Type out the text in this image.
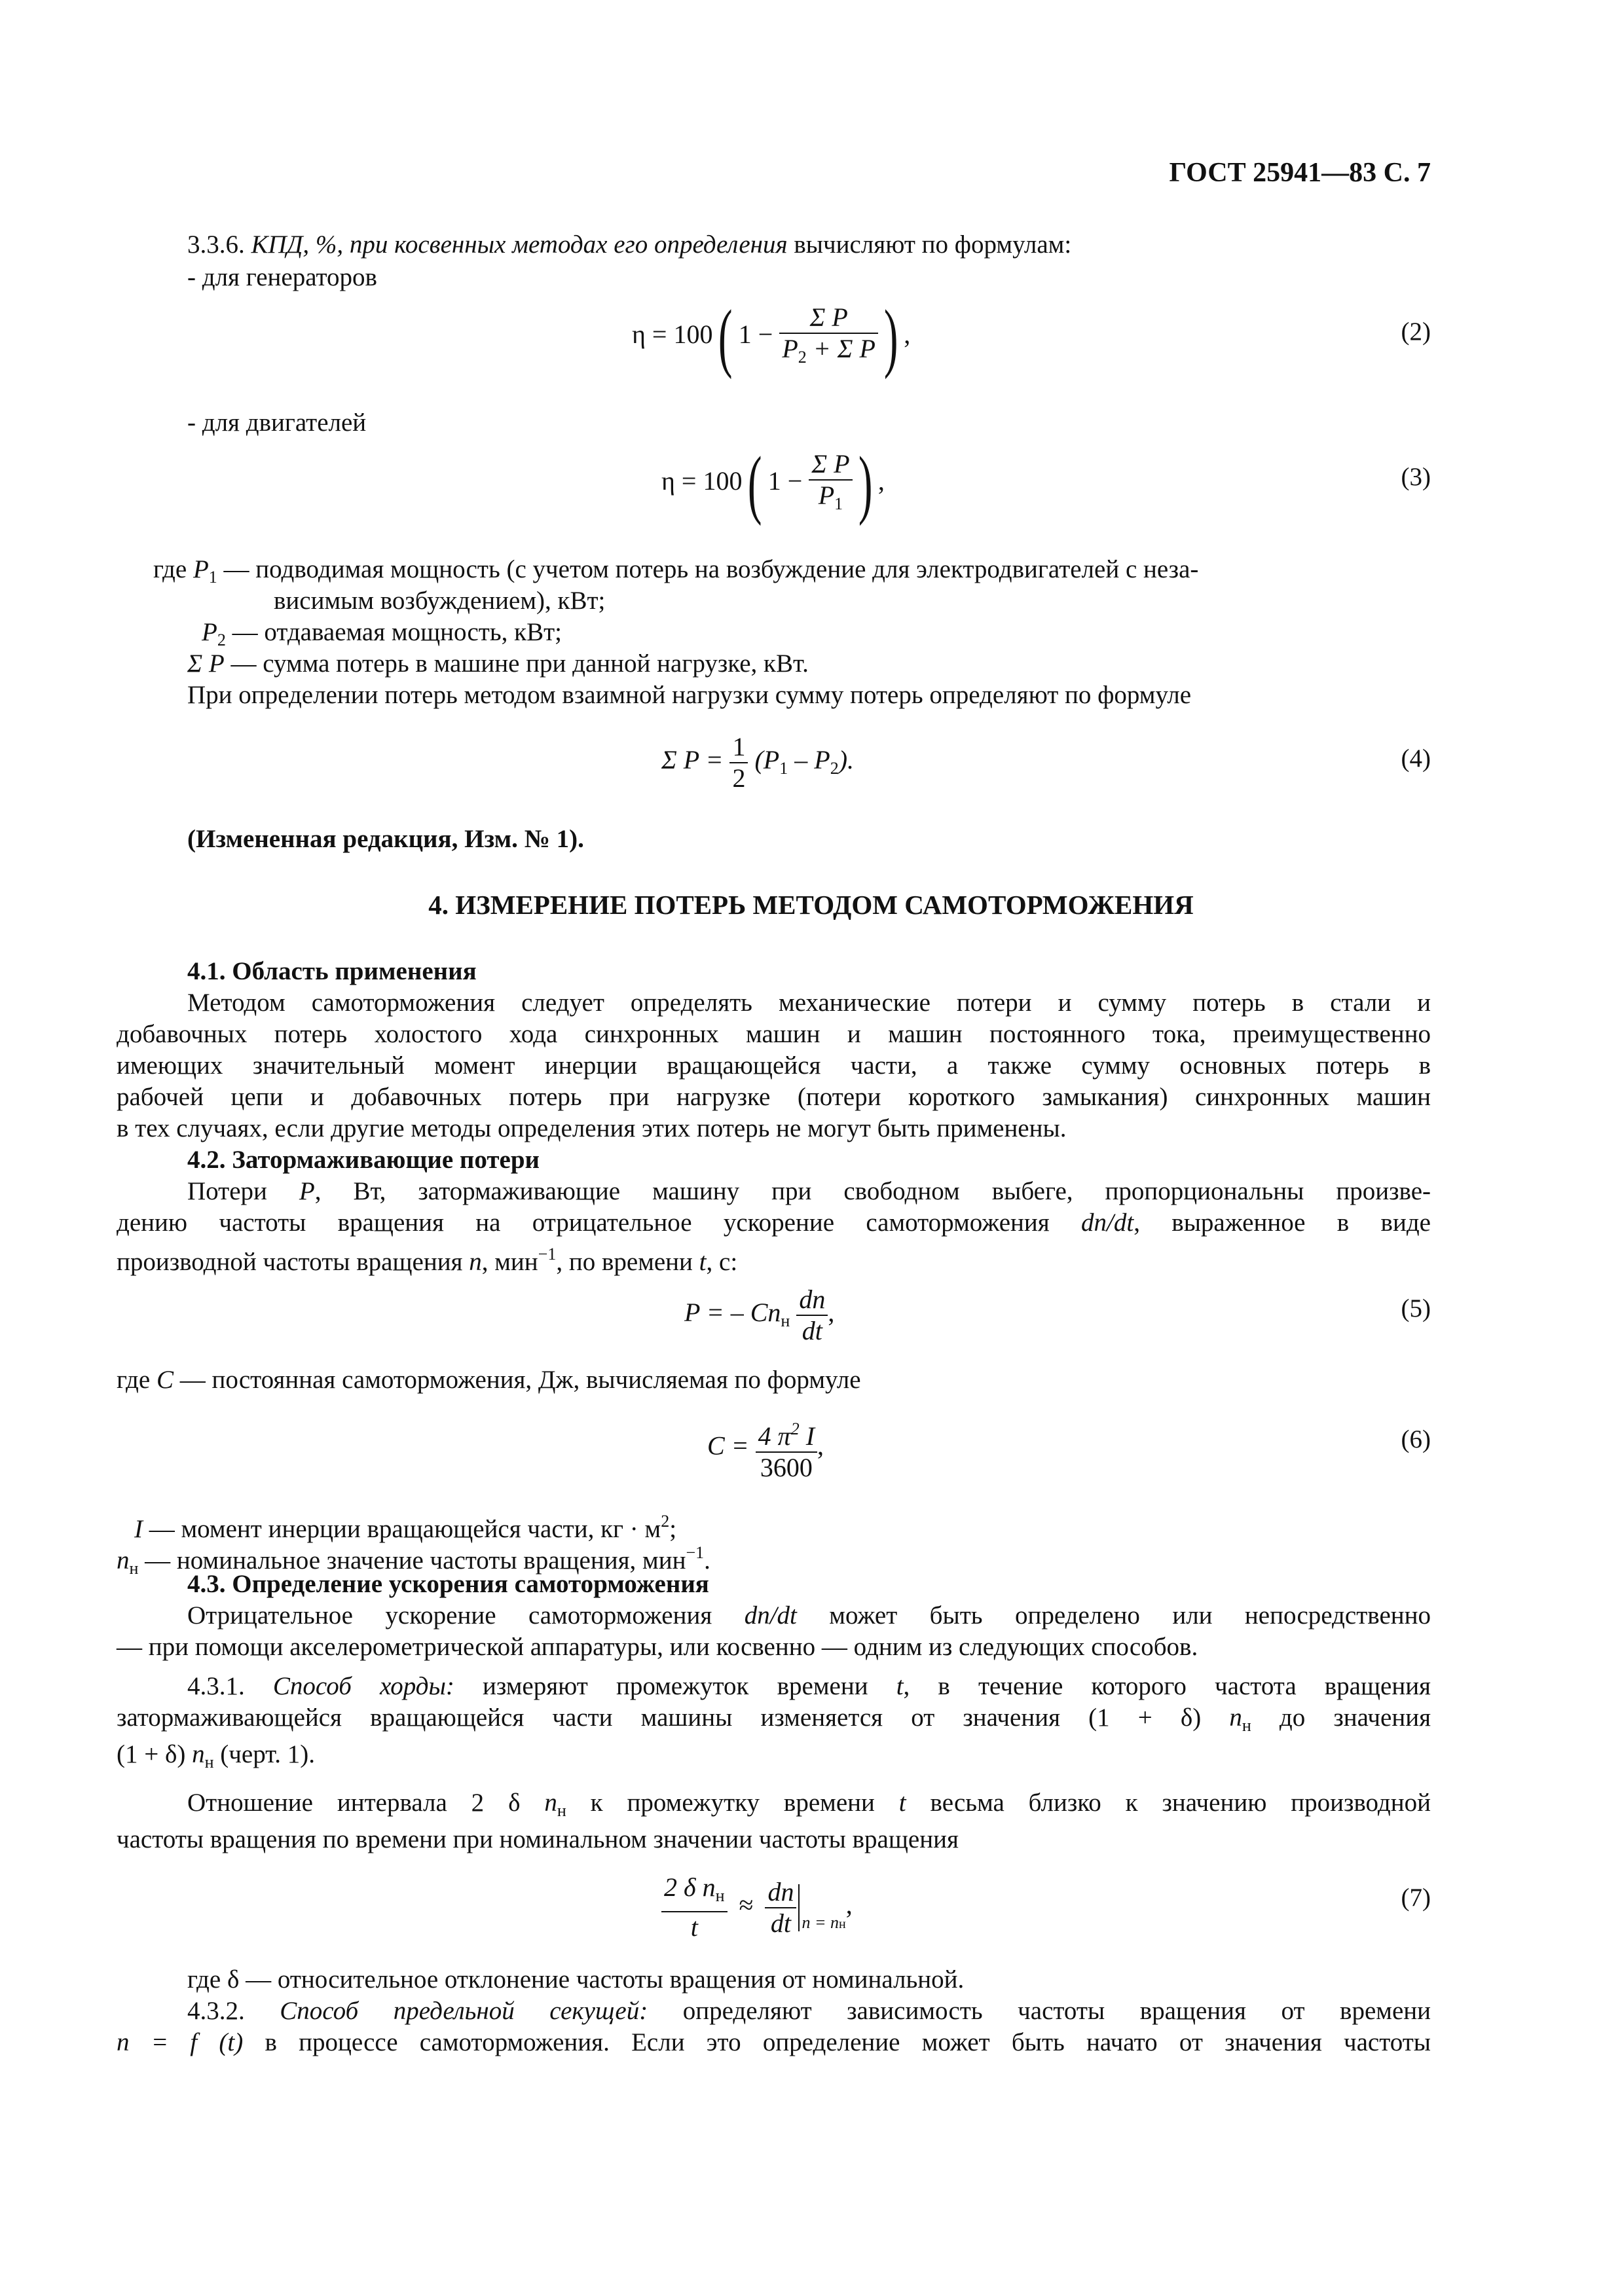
ГОСТ 25941—83 С. 7
3.3.6. КПД, %, при косвенных методах его определения вычисляют по формулам:
- для генераторов
η = 100( $1 - \frac{\text{Σ P}}{P_2 + \Sigma P}$ ) ,	(2)
- для двигателей
η = 100( $1 - \frac{\text{Σ P}}{P_1}$ ) ,	(3)
где $P_1$ — подводимая мощность (с учетом потерь на возбуждение для электродвигателей с неза-
висимым возбуждением), кВт;
$P_2$ — отдаваемая мощность, кВт;
Σ P — сумма потерь в машине при данной нагрузке, кВт.
При определении потерь методом взаимной нагрузки сумму потерь определяют по формуле
Σ $P = \frac{1}{2} (P_1 - P_2)$.	(4)
(Измененная редакция, Изм. № 1).
4. ИЗМЕРЕНИЕ ПОТЕРЬ МЕТОДОМ САМОТОРМОЖЕНИЯ
4.1. Область применения
Методом самоторможения следует определять механические потери и сумму потерь в стали и
добавочных потерь холостого хода синхронных машин и машин постоянного тока, преимущественно
имеющих значительный момент инерции вращающейся части, а также сумму основных потерь в
рабочей цепи и добавочных потерь при нагрузке (потери короткого замыкания) синхронных машин
в тех случаях, если другие методы определения этих потерь не могут быть применены.
4.2. Затормаживающие потери
Потери P, Вт, затормаживающие машину при свободном выбеге, пропорциональны произве-
дению частоты вращения на отрицательное ускорение самоторможения dn/dt, выраженное в виде
производной частоты вращения n, мин$^{-1}$, по времени t, с:
P = – $Cn_н \frac{dn}{dt}$ ,	(5)
где C — постоянная самоторможения, Дж, вычисляемая по формуле
$C = \frac{4 \pi^2 I}{3600}$ ,	(6)
I — момент инерции вращающейся части, кг · $м^2$;
$n_н$ — номинальное значение частоты вращения, мин$^{-1}$.
4.3. Определение ускорения самоторможения
Отрицательное ускорение самоторможения dn/dt может быть определено или непосредственно
— при помощи акселерометрической аппаратуры, или косвенно — одним из следующих способов.
4.3.1. Способ хорды: измеряют промежуток времени t, в течение которого частота вращения
затормаживающейся вращающейся части машины изменяется от значения (1 + δ) $n_н$ до значения
(1 + δ) $n_н$ (черт. 1).
Отношение интервала 2 δ $n_н$ к промежутку времени t весьма близко к значению производной
частоты вращения по времени при номинальном значении частоты вращения
$\frac{2 \delta n_н}{t} \approx \frac{dn}{dt} _{n = nн}$,	(7)
где δ — относительное отклонение частоты вращения от номинальной.
4.3.2. Способ предельной секущей: определяют зависимость частоты вращения от времени
n = f (t) в процессе самоторможения. Если это определение может быть начато от значения частоты
